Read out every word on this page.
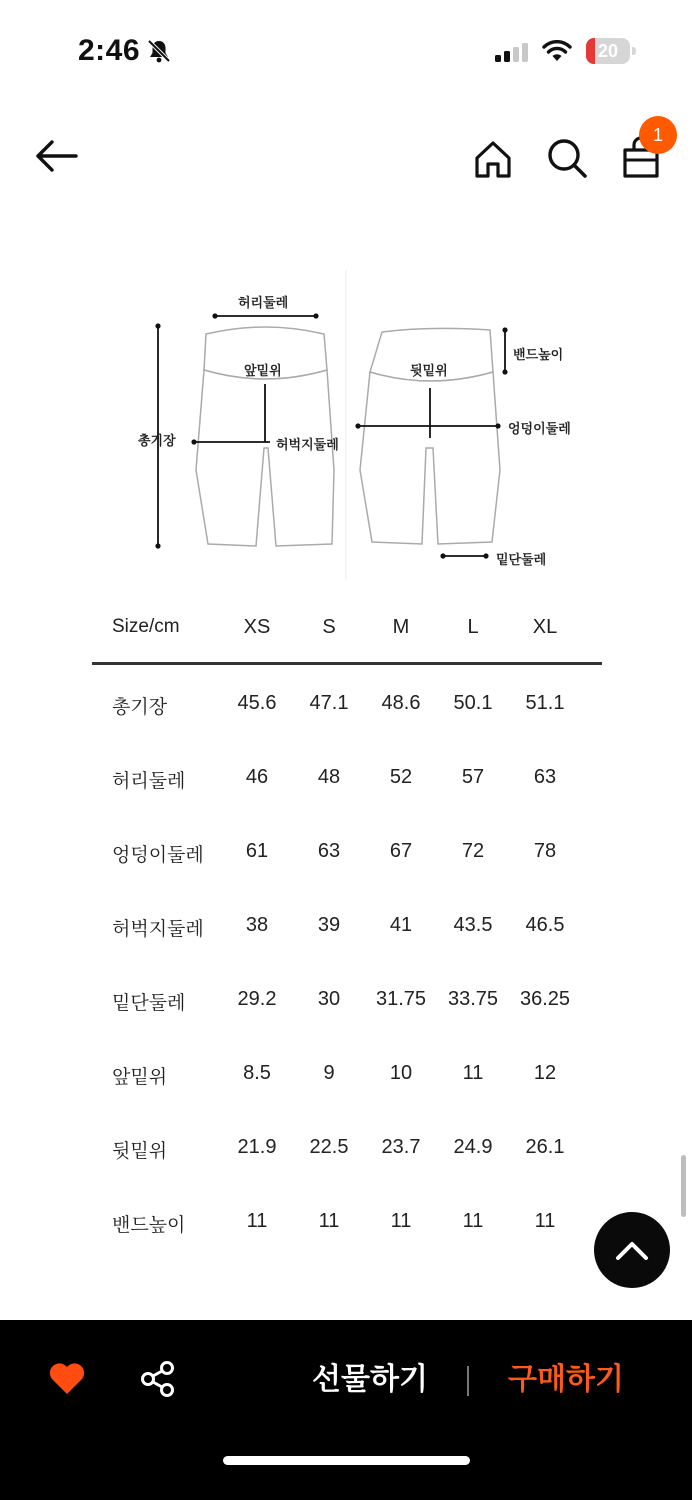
2:46	20
1
허리둘레
앞밑위
총기장	허벅지둘레
뒷밑위
밴드높이
엉덩이둘레
밑단둘레
Size/cm	XS	S	M	L	XL
총기장	45.6	47.1	48.6	50.1	51.1
허리둘레	46	48	52	57	63
엉덩이둘레	61	63	67	72	78
허벅지둘레	38	39	41	43.5	46.5
밑단둘레	29.2	30	31.75	33.75	36.25
앞밑위	8.5	9	10	11	12
뒷밑위	21.9	22.5	23.7	24.9	26.1
밴드높이	11	11	11	11	11
선물하기	구매하기
